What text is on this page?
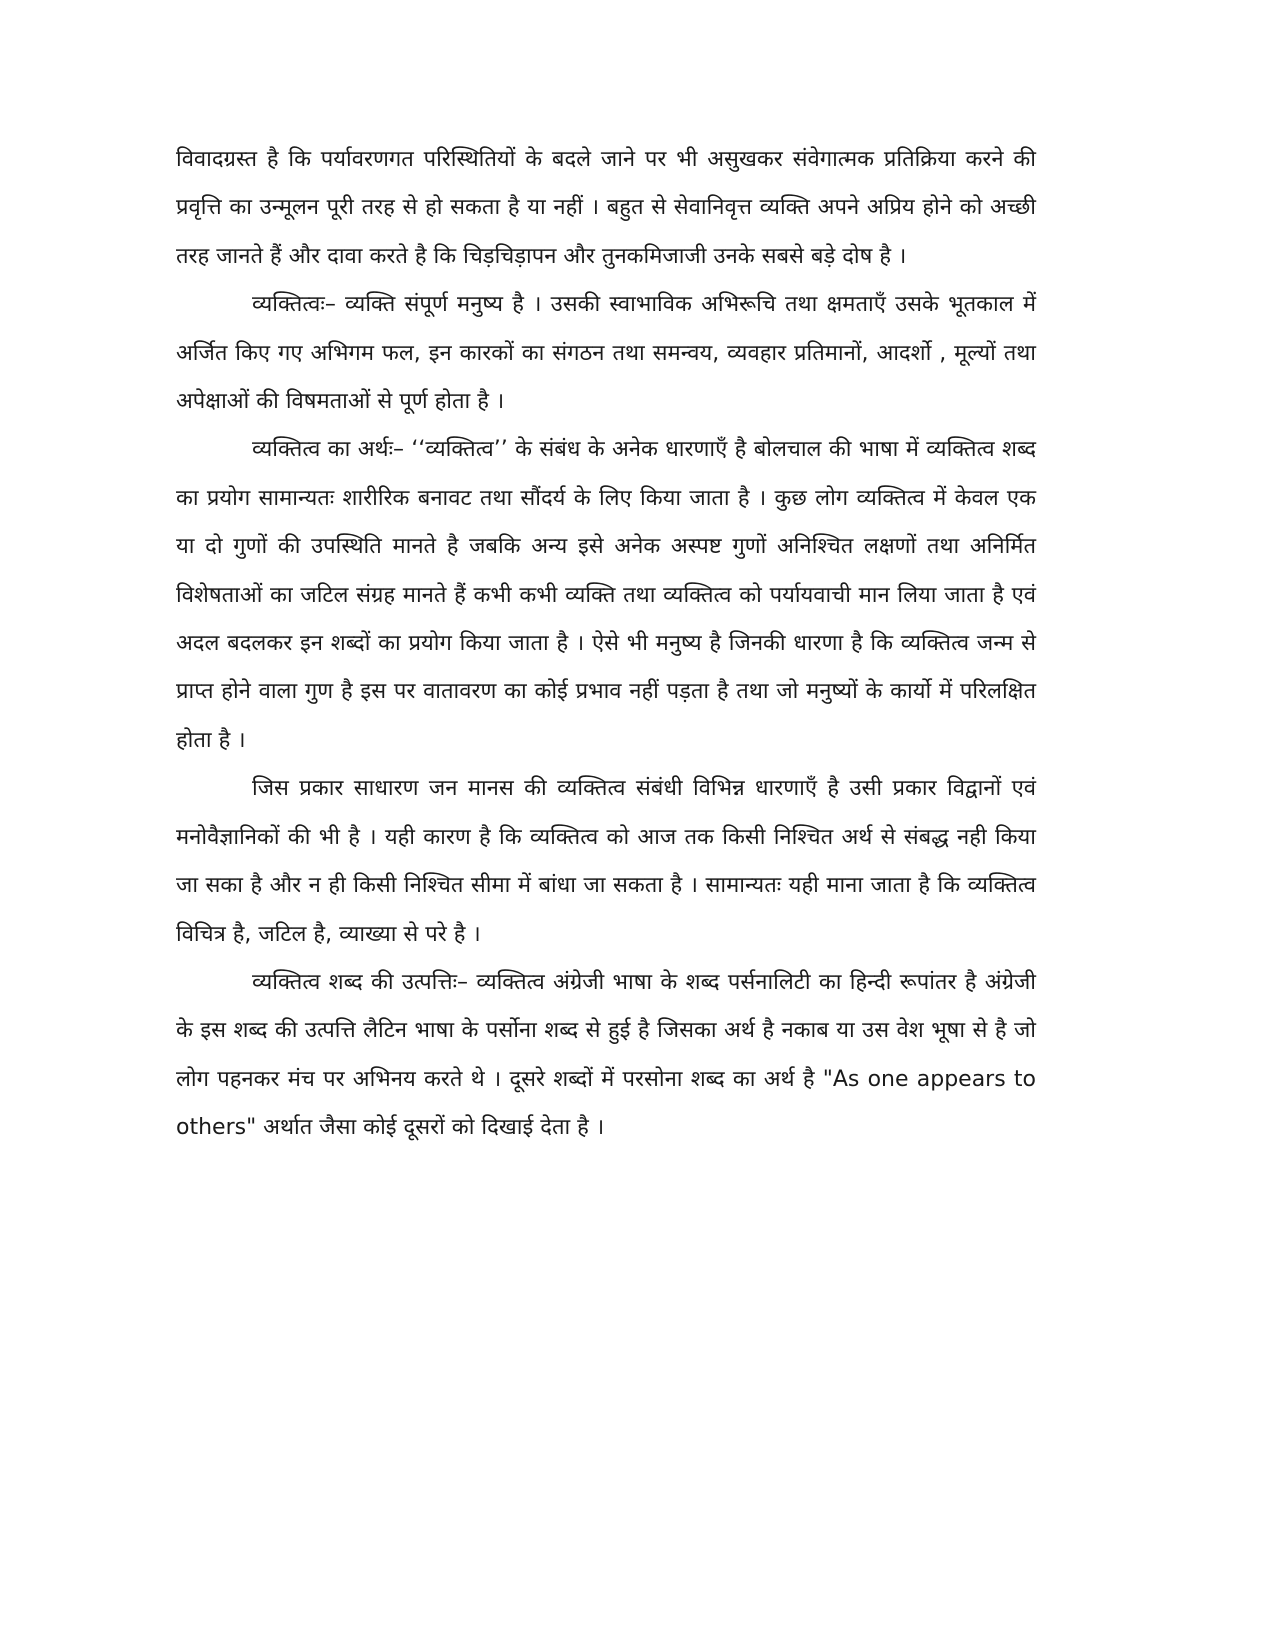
विवादग्रस्त है कि पर्यावरणगत परिस्थितियों के बदले जाने पर भी असुखकर संवेगात्मक प्रतिक्रिया करने की प्रवृत्ति का उन्मूलन पूरी तरह से हो सकता है या नहीं । बहुत से सेवानिवृत्त व्यक्ति अपने अप्रिय होने को अच्छी तरह जानते हैं और दावा करते है कि चिड़चिड़ापन और तुनकमिजाजी उनके सबसे बड़े दोष है ।

व्यक्तित्वः– व्यक्ति संपूर्ण मनुष्य है । उसकी स्वाभाविक अभिरूचि तथा क्षमताएँ उसके भूतकाल में अर्जित किए गए अभिगम फल, इन कारकों का संगठन तथा समन्वय, व्यवहार प्रतिमानों, आदर्शो , मूल्यों तथा अपेक्षाओं की विषमताओं से पूर्ण होता है ।

व्यक्तित्व का अर्थः– ‘‘व्यक्तित्व’’ के संबंध के अनेक धारणाएँ है बोलचाल की भाषा में व्यक्तित्व शब्द का प्रयोग सामान्यतः शारीरिक बनावट तथा सौंदर्य के लिए किया जाता है । कुछ लोग व्यक्तित्व में केवल एक या दो गुणों की उपस्थिति मानते है जबकि अन्य इसे अनेक अस्पष्ट गुणों अनिश्चित लक्षणों तथा अनिर्मित विशेषताओं का जटिल संग्रह मानते हैं कभी कभी व्यक्ति तथा व्यक्तित्व को पर्यायवाची मान लिया जाता है एवं अदल बदलकर इन शब्दों का प्रयोग किया जाता है । ऐसे भी मनुष्य है जिनकी धारणा है कि व्यक्तित्व जन्म से प्राप्त होने वाला गुण है इस पर वातावरण का कोई प्रभाव नहीं पड़ता है तथा जो मनुष्यों के कार्यो में परिलक्षित होता है ।

जिस प्रकार साधारण जन मानस की व्यक्तित्व संबंधी विभिन्न धारणाएँ है उसी प्रकार विद्वानों एवं मनोवैज्ञानिकों की भी है । यही कारण है कि व्यक्तित्व को आज तक किसी निश्चित अर्थ से संबद्ध नही किया जा सका है और न ही किसी निश्चित सीमा में बांधा जा सकता है । सामान्यतः यही माना जाता है कि व्यक्तित्व विचित्र है, जटिल है, व्याख्या से परे है ।

व्यक्तित्व शब्द की उत्पत्तिः– व्यक्तित्व अंग्रेजी भाषा के शब्द पर्सनालिटी का हिन्दी रूपांतर है अंग्रेजी के इस शब्द की उत्पत्ति लैटिन भाषा के पर्सोना शब्द से हुई है जिसका अर्थ है नकाब या उस वेश भूषा से है जो लोग पहनकर मंच पर अभिनय करते थे । दूसरे शब्दों में परसोना शब्द का अर्थ है "As one appears to others" अर्थात जैसा कोई दूसरों को दिखाई देता है ।
